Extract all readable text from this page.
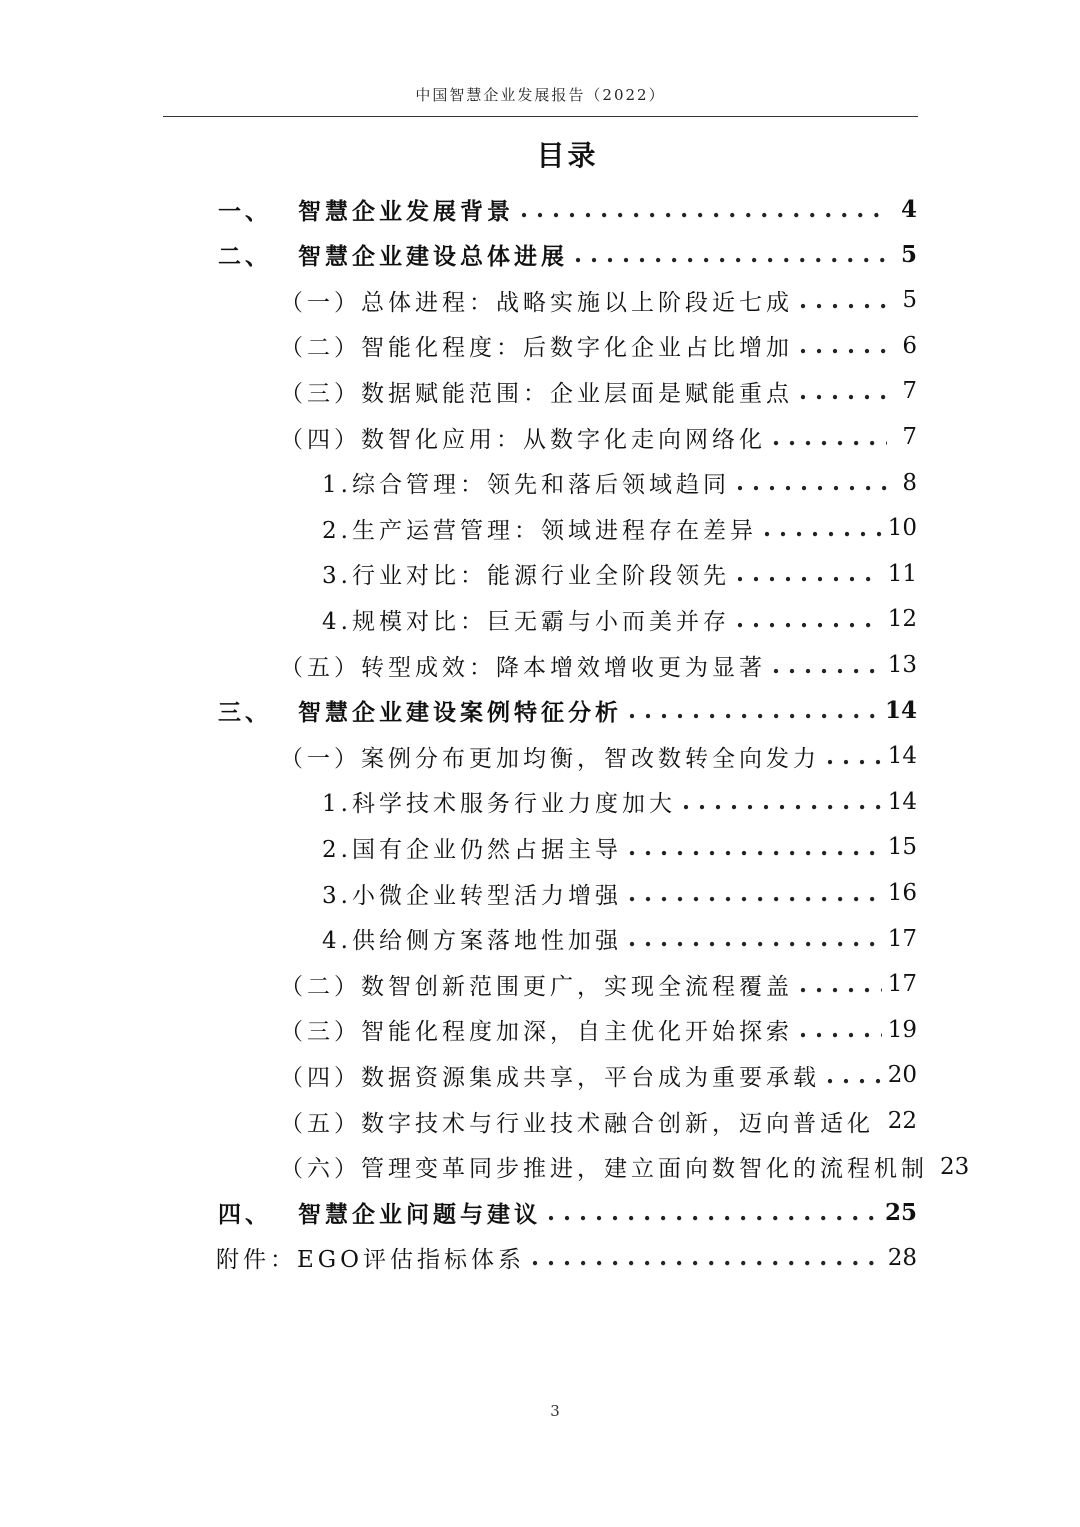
中国智慧企业发展报告（2022）
目录
一、	智慧企业发展背景 . . .	4
二、	智慧企业建设总体进展 . . .	5
（一）总体进程：战略实施以上阶段近七成 . . .	5
（二）智能化程度：后数字化企业占比增加 . . .	6
（三）数据赋能范围：企业层面是赋能重点 . . .	7
（四）数智化应用：从数字化走向网络化 . . .	7
1.综合管理：领先和落后领域趋同 . . .	8
2.生产运营管理：领域进程存在差异 . . .	10
3.行业对比：能源行业全阶段领先 . . .	11
4.规模对比：巨无霸与小而美并存 . . .	12
（五）转型成效：降本增效增收更为显著 . . .	13
三、	智慧企业建设案例特征分析 . . .	14
（一）案例分布更加均衡，智改数转全向发力 . . .	14
1.科学技术服务行业力度加大 . . .	14
2.国有企业仍然占据主导 . . .	15
3.小微企业转型活力增强 . . .	16
4.供给侧方案落地性加强 . . .	17
（二）数智创新范围更广，实现全流程覆盖 . . .	17
（三）智能化程度加深，自主优化开始探索 . . .	19
（四）数据资源集成共享，平台成为重要承载 . . .	20
（五）数字技术与行业技术融合创新，迈向普适化 . . . 22
（六）管理变革同步推进，建立面向数智化的流程机制 23
四、	智慧企业问题与建议 . . .	25
附件：EGO评估指标体系 . . .	28
3
